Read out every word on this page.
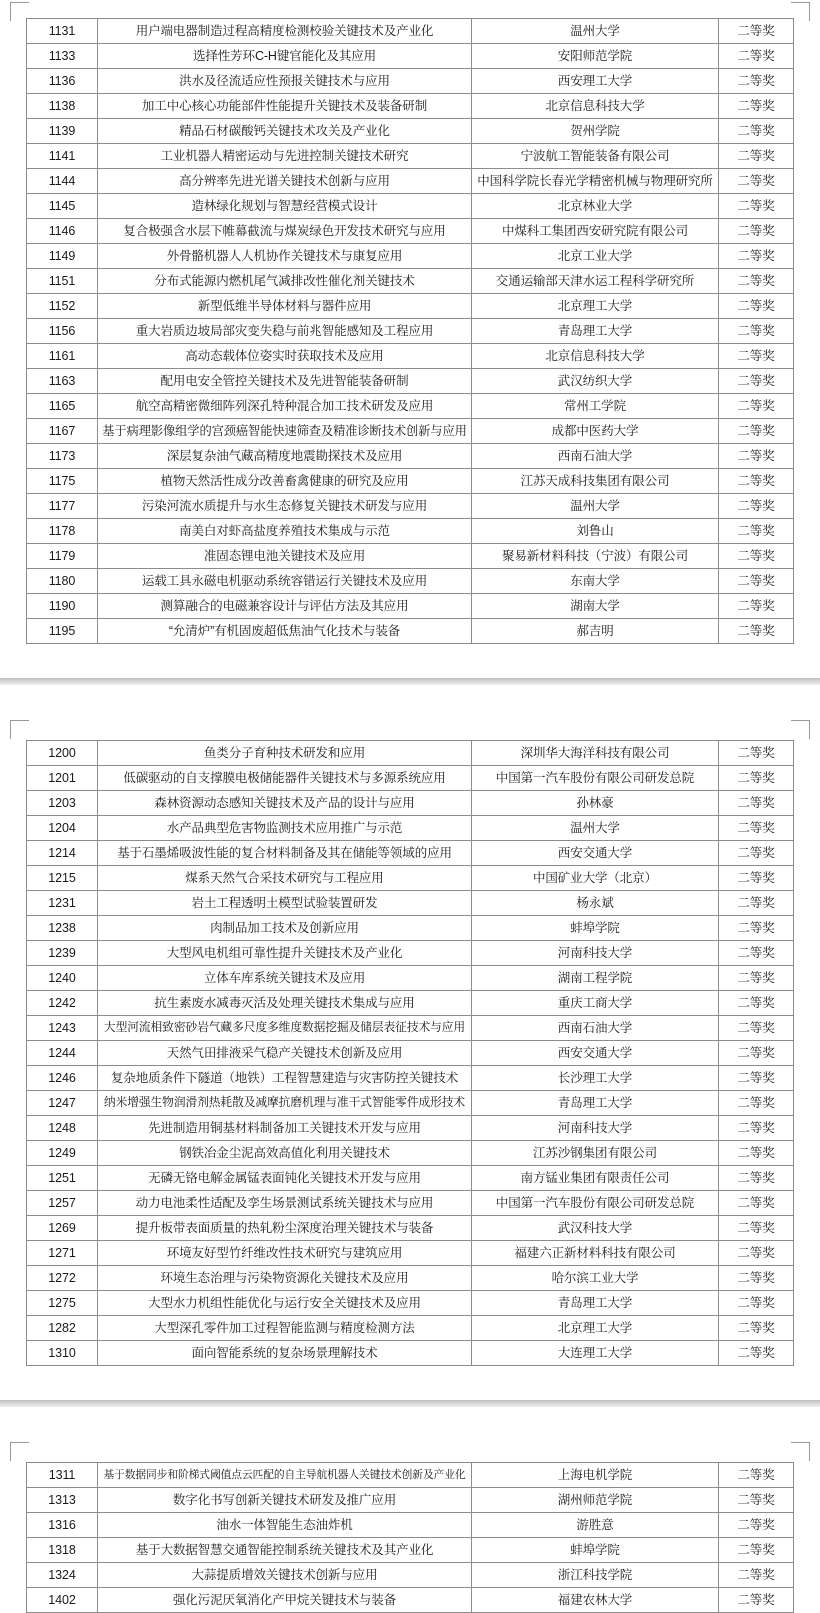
1131	用户端电器制造过程高精度检测校验关键技术及产业化	温州大学	二等奖
1133	选择性芳环C-H键官能化及其应用	安阳师范学院	二等奖
1136	洪水及径流适应性预报关键技术与应用	西安理工大学	二等奖
1138	加工中心核心功能部件性能提升关键技术及装备研制	北京信息科技大学	二等奖
1139	精品石材碳酸钙关键技术攻关及产业化	贺州学院	二等奖
1141	工业机器人精密运动与先进控制关键技术研究	宁波航工智能装备有限公司	二等奖
1144	高分辨率先进光谱关键技术创新与应用	中国科学院长春光学精密机械与物理研究所	二等奖
1145	造林绿化规划与智慧经营模式设计	北京林业大学	二等奖
1146	复合极强含水层下帷幕截流与煤炭绿色开发技术研究与应用	中煤科工集团西安研究院有限公司	二等奖
1149	外骨骼机器人人机协作关键技术与康复应用	北京工业大学	二等奖
1151	分布式能源内燃机尾气减排改性催化剂关键技术	交通运输部天津水运工程科学研究所	二等奖
1152	新型低维半导体材料与器件应用	北京理工大学	二等奖
1156	重大岩质边坡局部灾变失稳与前兆智能感知及工程应用	青岛理工大学	二等奖
1161	高动态载体位姿实时获取技术及应用	北京信息科技大学	二等奖
1163	配用电安全管控关键技术及先进智能装备研制	武汉纺织大学	二等奖
1165	航空高精密微细阵列深孔特种混合加工技术研发及应用	常州工学院	二等奖
1167	基于病理影像组学的宫颈癌智能快速筛查及精准诊断技术创新与应用	成都中医药大学	二等奖
1173	深层复杂油气藏高精度地震勘探技术及应用	西南石油大学	二等奖
1175	植物天然活性成分改善畜禽健康的研究及应用	江苏天成科技集团有限公司	二等奖
1177	污染河流水质提升与水生态修复关键技术研发与应用	温州大学	二等奖
1178	南美白对虾高盐度养殖技术集成与示范	刘鲁山	二等奖
1179	准固态锂电池关键技术及应用	聚易新材料科技（宁波）有限公司	二等奖
1180	运载工具永磁电机驱动系统容错运行关键技术及应用	东南大学	二等奖
1190	测算融合的电磁兼容设计与评估方法及其应用	湖南大学	二等奖
1195	“允清炉”有机固废超低焦油气化技术与装备	郝吉明	二等奖
1200	鱼类分子育种技术研发和应用	深圳华大海洋科技有限公司	二等奖
1201	低碳驱动的自支撑膜电极储能器件关键技术与多源系统应用	中国第一汽车股份有限公司研发总院	二等奖
1203	森林资源动态感知关键技术及产品的设计与应用	孙林豪	二等奖
1204	水产品典型危害物监测技术应用推广与示范	温州大学	二等奖
1214	基于石墨烯吸波性能的复合材料制备及其在储能等领域的应用	西安交通大学	二等奖
1215	煤系天然气合采技术研究与工程应用	中国矿业大学（北京）	二等奖
1231	岩土工程透明土模型试验装置研发	杨永斌	二等奖
1238	肉制品加工技术及创新应用	蚌埠学院	二等奖
1239	大型风电机组可靠性提升关键技术及产业化	河南科技大学	二等奖
1240	立体车库系统关键技术及应用	湖南工程学院	二等奖
1242	抗生素废水减毒灭活及处理关键技术集成与应用	重庆工商大学	二等奖
1243	大型河流相致密砂岩气藏多尺度多维度数据挖掘及储层表征技术与应用	西南石油大学	二等奖
1244	天然气田排液采气稳产关键技术创新及应用	西安交通大学	二等奖
1246	复杂地质条件下隧道（地铁）工程智慧建造与灾害防控关键技术	长沙理工大学	二等奖
1247	纳米增强生物润滑剂热耗散及减摩抗磨机理与准干式智能零件成形技术	青岛理工大学	二等奖
1248	先进制造用铜基材料制备加工关键技术开发与应用	河南科技大学	二等奖
1249	钢铁冶金尘泥高效高值化利用关键技术	江苏沙钢集团有限公司	二等奖
1251	无磷无铬电解金属锰表面钝化关键技术开发与应用	南方锰业集团有限责任公司	二等奖
1257	动力电池柔性适配及孪生场景测试系统关键技术与应用	中国第一汽车股份有限公司研发总院	二等奖
1269	提升板带表面质量的热轧粉尘深度治理关键技术与装备	武汉科技大学	二等奖
1271	环境友好型竹纤维改性技术研究与建筑应用	福建六正新材料科技有限公司	二等奖
1272	环境生态治理与污染物资源化关键技术及应用	哈尔滨工业大学	二等奖
1275	大型水力机组性能优化与运行安全关键技术及应用	青岛理工大学	二等奖
1282	大型深孔零件加工过程智能监测与精度检测方法	北京理工大学	二等奖
1310	面向智能系统的复杂场景理解技术	大连理工大学	二等奖
1311	基于数据同步和阶梯式阈值点云匹配的自主导航机器人关键技术创新及产业化	上海电机学院	二等奖
1313	数字化书写创新关键技术研发及推广应用	湖州师范学院	二等奖
1316	油水一体智能生态油炸机	游胜意	二等奖
1318	基于大数据智慧交通智能控制系统关键技术及其产业化	蚌埠学院	二等奖
1324	大蒜提质增效关键技术创新与应用	浙江科技学院	二等奖
1402	强化污泥厌氧消化产甲烷关键技术与装备	福建农林大学	二等奖
